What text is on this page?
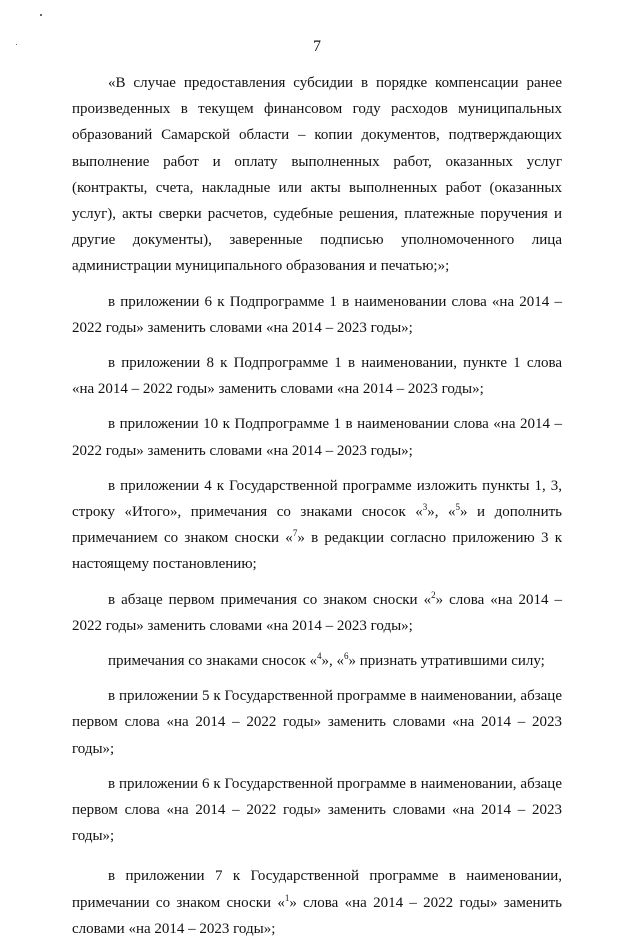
7

«В случае предоставления субсидии в порядке компенсации ранее произведенных в текущем финансовом году расходов муниципальных образований Самарской области – копии документов, подтверждающих выполнение работ и оплату выполненных работ, оказанных услуг (контракты, счета, накладные или акты выполненных работ (оказанных услуг), акты сверки расчетов, судебные решения, платежные поручения и другие документы), заверенные подписью уполномоченного лица администрации муниципального образования и печатью;»;

в приложении 6 к Подпрограмме 1 в наименовании слова «на 2014 – 2022 годы» заменить словами «на 2014 – 2023 годы»;

в приложении 8 к Подпрограмме 1 в наименовании, пункте 1 слова «на 2014 – 2022 годы» заменить словами «на 2014 – 2023 годы»;

в приложении 10 к Подпрограмме 1 в наименовании слова «на 2014 – 2022 годы» заменить словами «на 2014 – 2023 годы»;

в приложении 4 к Государственной программе изложить пункты 1, 3, строку «Итого», примечания со знаками сносок «$^3$», «$^5$» и дополнить примечанием со знаком сноски «$^7$» в редакции согласно приложению 3 к настоящему постановлению;

в абзаце первом примечания со знаком сноски «$^2$» слова «на 2014 – 2022 годы» заменить словами «на 2014 – 2023 годы»;

примечания со знаками сносок «$^4$», «$^6$» признать утратившими силу;

в приложении 5 к Государственной программе в наименовании, абзаце первом слова «на 2014 – 2022 годы» заменить словами «на 2014 – 2023 годы»;

в приложении 6 к Государственной программе в наименовании, абзаце первом слова «на 2014 – 2022 годы» заменить словами «на 2014 – 2023 годы»;

в приложении 7 к Государственной программе в наименовании, примечании со знаком сноски «$^1$» слова «на 2014 – 2022 годы» заменить словами «на 2014 – 2023 годы»;
